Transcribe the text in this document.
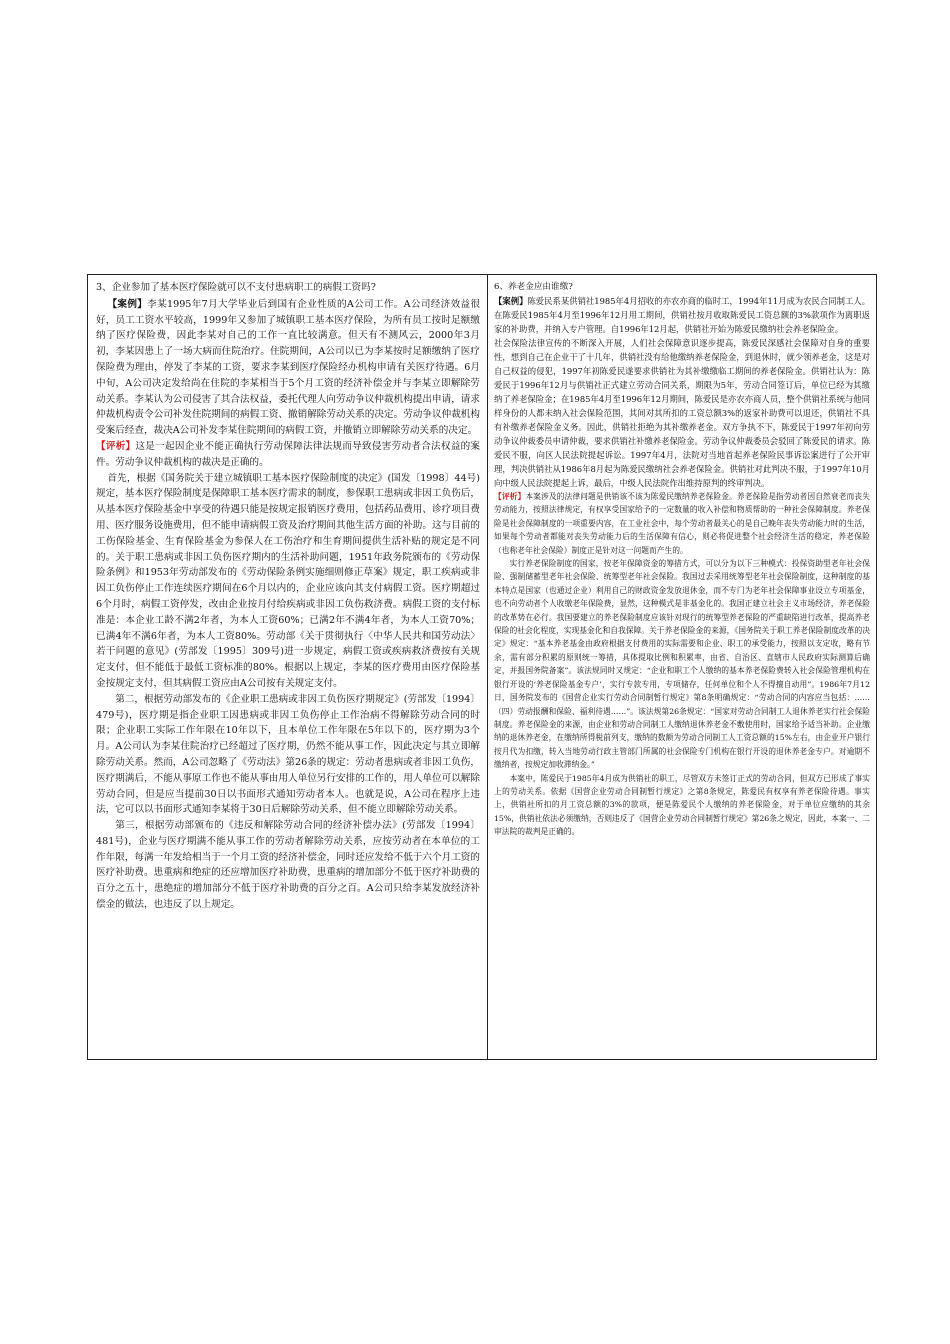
3、企业参加了基本医疗保险就可以不支付患病职工的病假工资吗?

【案例】李某1995年7月大学毕业后到国有企业性质的A公司工作。A公司经济效益很好，员工工资水平较高，1999年又参加了城镇职工基本医疗保险，为所有员工按时足额缴纳了医疗保险费，因此李某对自己的工作一直比较满意。但天有不测风云，2000年3月初，李某因患上了一场大病而住院治疗。住院期间，A公司以已为李某按时足额缴纳了医疗保险费为理由，停发了李某的工资，要求李某到医疗保险经办机构申请有关医疗待遇。6月中旬，A公司决定发给尚在住院的李某相当于5个月工资的经济补偿金并与李某立即解除劳动关系。李某认为公司侵害了其合法权益，委托代理人向劳动争议仲裁机构提出申请，请求仲裁机构责令公司补发住院期间的病假工资、撤销解除劳动关系的决定。劳动争议仲裁机构受案后经查，裁决A公司补发李某住院期间的病假工资，并撤销立即解除劳动关系的决定。

【评析】这是一起因企业不能正确执行劳动保障法律法规而导致侵害劳动者合法权益的案件。劳动争议仲裁机构的裁决是正确的。

首先，根据《国务院关于建立城镇职工基本医疗保险制度的决定》(国发〔1998〕44号)规定，基本医疗保险制度是保障职工基本医疗需求的制度，参保职工患病或非因工负伤后，从基本医疗保险基金中享受的待遇只能是按规定报销医疗费用，包括药品费用、诊疗项目费用、医疗服务设施费用，但不能申请病假工资及治疗期间其他生活方面的补助。这与目前的工伤保险基金、生育保险基金为参保人在工伤治疗和生育期间提供生活补贴的规定是不同的。关于职工患病或非因工负伤医疗期内的生活补助问题，1951年政务院颁布的《劳动保险条例》和1953年劳动部发布的《劳动保险条例实施细则修正草案》规定，职工疾病或非因工负伤停止工作连续医疗期间在6个月以内的，企业应该向其支付病假工资。医疗期超过6个月时，病假工资停发，改由企业按月付给疾病或非因工负伤救济费。病假工资的支付标准是：本企业工龄不满2年者，为本人工资60%；已满2年不满4年者，为本人工资70%；已满4年不满6年者，为本人工资80%。劳动部《关于贯彻执行〈中华人民共和国劳动法〉若干问题的意见》(劳部发〔1995〕309号)进一步规定，病假工资或疾病救济费按有关规定支付，但不能低于最低工资标准的80%。根据以上规定，李某的医疗费用由医疗保险基金按规定支付，但其病假工资应由A公司按有关规定支付。

第二，根据劳动部发布的《企业职工患病或非因工负伤医疗期规定》(劳部发〔1994〕479号)，医疗期是指企业职工因患病或非因工负伤停止工作治病不得解除劳动合同的时限；企业职工实际工作年限在10年以下，且本单位工作年限在5年以下的，医疗期为3个月。A公司认为李某住院治疗已经超过了医疗期，仍然不能从事工作，因此决定与其立即解除劳动关系。然而，A公司忽略了《劳动法》第26条的规定：劳动者患病或者非因工负伤，医疗期满后，不能从事原工作也不能从事由用人单位另行安排的工作的，用人单位可以解除劳动合同，但是应当提前30日以书面形式通知劳动者本人。也就是说，A公司在程序上违法，它可以以书面形式通知李某将于30日后解除劳动关系，但不能立即解除劳动关系。

第三，根据劳动部颁布的《违反和解除劳动合同的经济补偿办法》(劳部发〔1994〕481号)，企业与医疗期满不能从事工作的劳动者解除劳动关系，应按劳动者在本单位的工作年限，每满一年发给相当于一个月工资的经济补偿金，同时还应发给不低于六个月工资的医疗补助费。患重病和绝症的还应增加医疗补助费，患重病的增加部分不低于医疗补助费的百分之五十，患绝症的增加部分不低于医疗补助费的百分之百。A公司只给李某发放经济补偿金的做法，也违反了以上规定。

6、养老金应由谁缴?

【案例】陈爱民系某供销社1985年4月招收的亦农亦商的临时工，1994年11月成为农民合同制工人。在陈爱民1985年4月至1996年12月用工期间，供销社按月收取陈爱民工资总额的3%款项作为离职返家的补助费，并纳入专户管理。自1996年12月起，供销社开始为陈爱民缴纳社会养老保险金。

社会保险法律宣传的不断深入开展，人们社会保障意识逐步提高，陈爱民深感社会保障对自身的重要性，想到自己在企业干了十几年，供销社没有给他缴纳养老保险金，到退休时，就少领养老金，这是对自己权益的侵犯，1997年初陈爱民遂要求供销社为其补缴缴临工期间的养老保险金。供销社认为：陈爱民于1996年12月与供销社正式建立劳动合同关系，期限为5年，劳动合同签订后，单位已经为其缴纳了养老保险金；在1985年4月至1996年12月期间，陈爱民是亦农亦商人员，整个供销社系统与他同样身份的人都未纳入社会保险范围，其间对其所扣的工资总额3%的返家补助费可以退还，供销社不具有补缴养老保险金义务。因此，供销社拒绝为其补缴养老金。双方争执不下，陈爱民于1997年初向劳动争议仲裁委员申请仲裁，要求供销社补缴养老保险金。劳动争议仲裁委员会驳回了陈爱民的请求。陈爱民不服，向区人民法院提起诉讼。1997年4月，法院对当地首起养老保险民事诉讼案进行了公开审理，判决供销社从1986年8月起为陈爱民缴纳社会养老保险金。供销社对此判决不服，于1997年10月向中级人民法院提起上诉，最后，中级人民法院作出维持原判的终审判决。

【评析】本案涉及的法律问题是供销该不该为陈爱民缴纳养老保险金。养老保险是指劳动者因自然衰老而丧失劳动能力，按照法律规定，有权享受国家给予的一定数量的收入补偿和物质帮助的一种社会保障制度。养老保险是社会保障制度的一项重要内容，在工业社会中，每个劳动者最关心的是自己晚年丧失劳动能力时的生活，如果每个劳动者都能对丧失劳动能力后的生活保障有信心，则必将促进整个社会经济生活的稳定，养老保险（也称老年社会保险）制度正是针对这一问题而产生的。

实行养老保险制度的国家，按老年保障资金的筹措方式，可以分为以下三种模式：投保资助型老年社会保险、强制储蓄型老年社会保险、统筹型老年社会保险。我国过去采用统筹型老年社会保险制度，这种制度的基本特点是国家（也通过企业）利用自己的财政资金发放退休金，而不专门为老年社会保障事业设立专项基金，也不向劳动者个人收缴老年保险费，显然，这种模式是非基金化的。我国正建立社会主义市场经济，养老保险的改革势在必行。我国要建立的养老保险制度应该针对现行的统筹型养老保险的严重缺陷进行改革，提高养老保险的社会化程度，实现基金化和自我保障。关于养老保险金的来源，《国务院关于职工养老保险制度改革的决定》规定：“基本养老基金由政府根据支付费用的实际需要和企业、职工的承受能力，按照以支定收，略有节余，需有部分积累的原则统一筹措，具体提取比例和积累率，由省、自治区、直辖市人民政府实际测算后确定，并报国务院备案”。该法规同时又规定：“企业和职工个人缴纳的基本养老保险费转入社会保险管理机构在银行开设的‘养老保险基金专户’，实行专款专用，专项储存，任何单位和个人不得擅自动用”。1986年7月12日，国务院发布的《国营企业实行劳动合同制暂行规定》第8条明确规定：“劳动合同的内容应当包括：……（四）劳动报酬和保险、福利待遇……”。该法规第26条规定：“国家对劳动合同制工人退休养老实行社会保险制度。养老保险金的来源，由企业和劳动合同制工人缴纳退休养老金不敷使用时，国家给予适当补助。企业缴纳的退休养老金，在缴纳所得税前列支，缴纳的数额为劳动合同制工人工资总额的15%左右，由企业开户银行按月代为扣缴，转入当地劳动行政主管部门所属的社会保险专门机构在银行开设的退休养老金专户。对逾期不缴纳者，按规定加收滞纳金。”

本案中，陈爱民于1985年4月成为供销社的职工，尽管双方未签订正式的劳动合同，但双方已形成了事实上的劳动关系。依据《国营企业劳动合同制暂行规定》之第8条规定，陈爱民有权享有养老保险待遇。事实上，供销社所扣的月工资总额的3%的款项，便是陈爱民个人缴纳的养老保险金，对于单位应缴纳的其余15%，供销社依法必须缴纳，否则违反了《国营企业劳动合同制暂行规定》第26条之规定，因此，本案一、二审法院的裁判是正确的。
